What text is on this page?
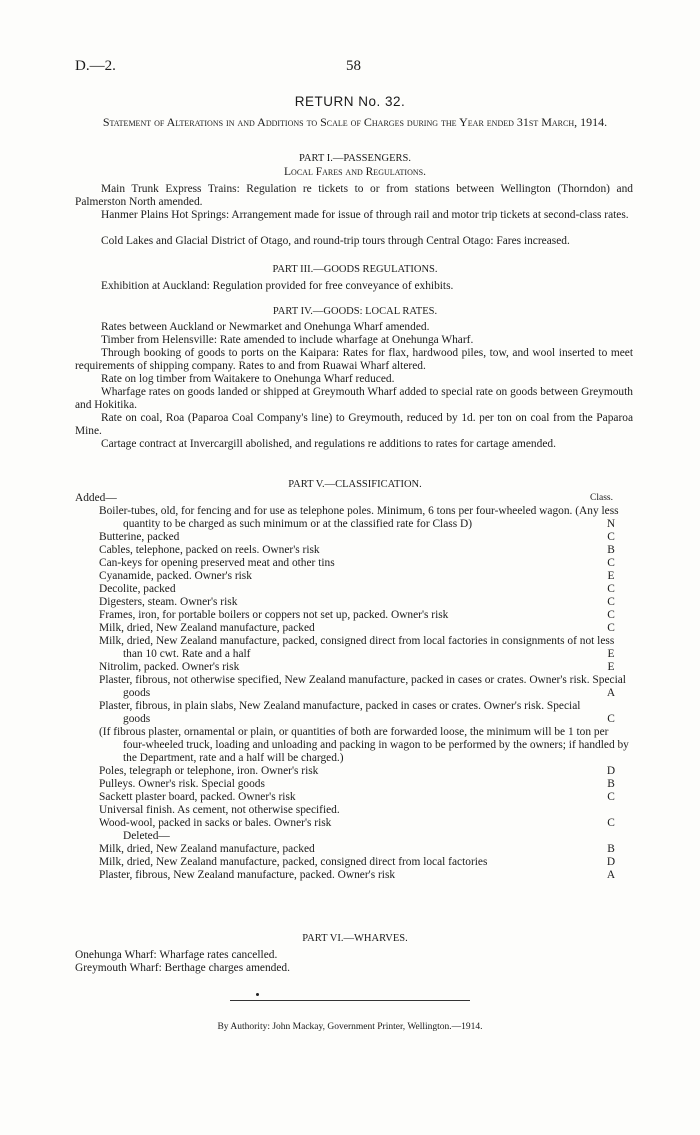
D.—2.	58
RETURN No. 32.
Statement of Alterations in and Additions to Scale of Charges during the Year ended 31st March, 1914.
PART I.—PASSENGERS.
Local Fares and Regulations.
Main Trunk Express Trains: Regulation re tickets to or from stations between Wellington (Thorndon) and Palmerston North amended.
Hanmer Plains Hot Springs: Arrangement made for issue of through rail and motor trip tickets at second-class rates.
Cold Lakes and Glacial District of Otago, and round-trip tours through Central Otago: Fares increased.
PART III.—GOODS REGULATIONS.
Exhibition at Auckland: Regulation provided for free conveyance of exhibits.
PART IV.—GOODS: LOCAL RATES.
Rates between Auckland or Newmarket and Onehunga Wharf amended.
Timber from Helensville: Rate amended to include wharfage at Onehunga Wharf.
Through booking of goods to ports on the Kaipara: Rates for flax, hardwood piles, tow, and wool inserted to meet requirements of shipping company. Rates to and from Ruawai Wharf altered.
Rate on log timber from Waitakere to Onehunga Wharf reduced.
Wharfage rates on goods landed or shipped at Greymouth Wharf added to special rate on goods between Greymouth and Hokitika.
Rate on coal, Roa (Paparoa Coal Company's line) to Greymouth, reduced by 1d. per ton on coal from the Paparoa Mine.
Cartage contract at Invercargill abolished, and regulations re additions to rates for cartage amended.
PART V.—CLASSIFICATION.
Added—	Class.
Boiler-tubes, old, for fencing and for use as telephone poles. Minimum, 6 tons per four-wheeled wagon. (Any less quantity to be charged as such minimum or at the classified rate for Class D)	N
Butterine, packed	C
Cables, telephone, packed on reels. Owner's risk	B
Can-keys for opening preserved meat and other tins	C
Cyanamide, packed. Owner's risk	E
Decolite, packed	C
Digesters, steam. Owner's risk	C
Frames, iron, for portable boilers or coppers not set up, packed. Owner's risk	C
Milk, dried, New Zealand manufacture, packed	C
Milk, dried, New Zealand manufacture, packed, consigned direct from local factories in consignments of not less than 10 cwt. Rate and a half	E
Nitrolim, packed. Owner's risk	E
Plaster, fibrous, not otherwise specified, New Zealand manufacture, packed in cases or crates. Owner's risk. Special goods	A
Plaster, fibrous, in plain slabs, New Zealand manufacture, packed in cases or crates. Owner's risk. Special goods	C
(If fibrous plaster, ornamental or plain, or quantities of both are forwarded loose, the minimum will be 1 ton per four-wheeled truck, loading and unloading and packing in wagon to be performed by the owners; if handled by the Department, rate and a half will be charged.)
Poles, telegraph or telephone, iron. Owner's risk	D
Pulleys. Owner's risk. Special goods	B
Sackett plaster board, packed. Owner's risk	C
Universal finish. As cement, not otherwise specified.
Wood-wool, packed in sacks or bales. Owner's risk	C
Deleted—
Milk, dried, New Zealand manufacture, packed	B
Milk, dried, New Zealand manufacture, packed, consigned direct from local factories	D
Plaster, fibrous, New Zealand manufacture, packed. Owner's risk	A
PART VI.—WHARVES.
Onehunga Wharf: Wharfage rates cancelled.
Greymouth Wharf: Berthage charges amended.
By Authority: John Mackay, Government Printer, Wellington.—1914.
